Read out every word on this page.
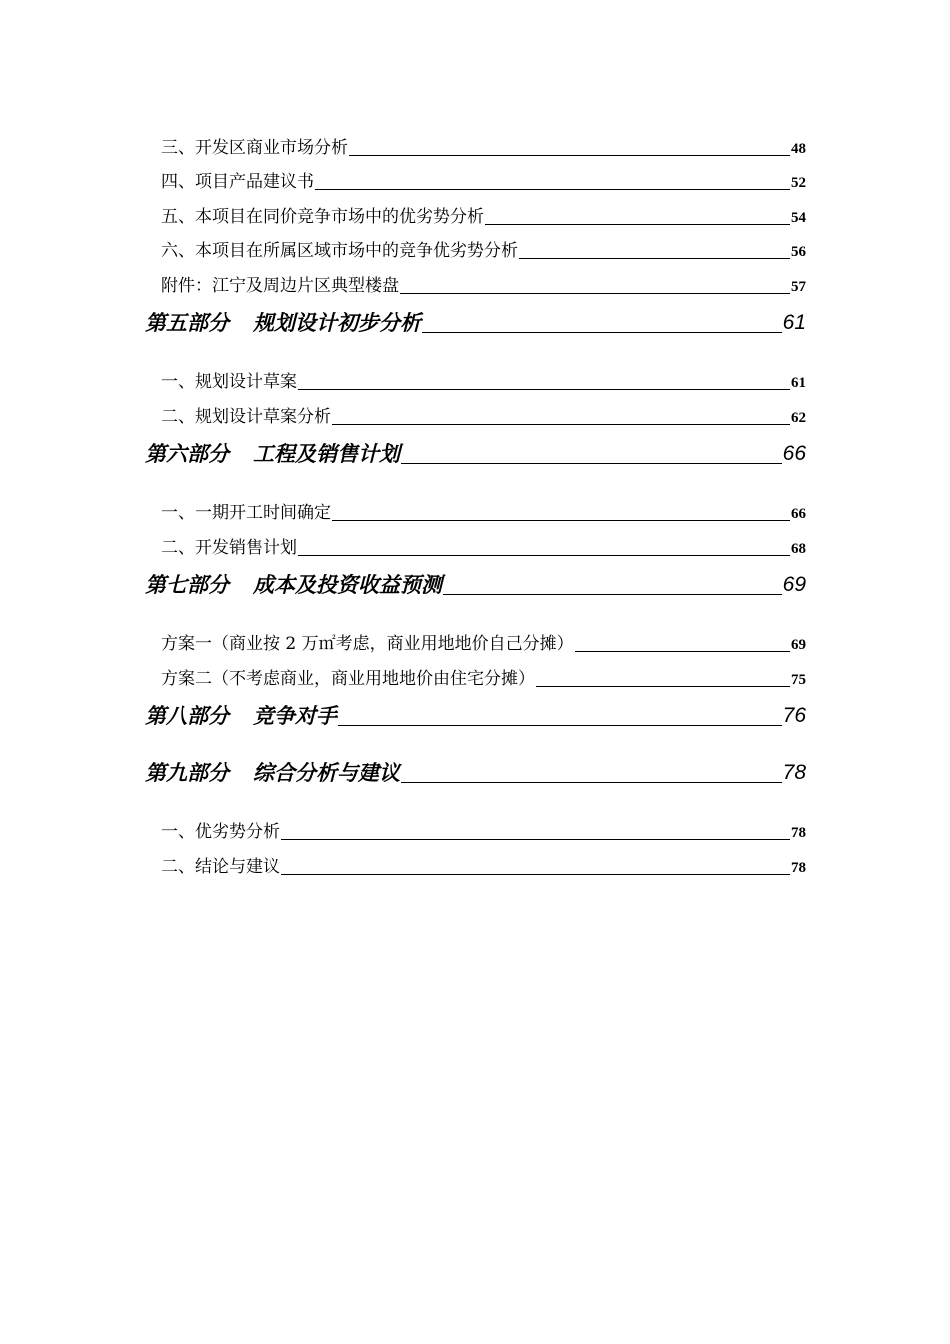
三、开发区商业市场分析	48
四、项目产品建议书	52
五、本项目在同价竞争市场中的优劣势分析	54
六、本项目在所属区域市场中的竞争优劣势分析	56
附件：江宁及周边片区典型楼盘	57
第五部分 规划设计初步分析	61
一、规划设计草案	61
二、规划设计草案分析	62
第六部分 工程及销售计划	66
一、一期开工时间确定	66
二、开发销售计划	68
第七部分 成本及投资收益预测	69
方案一（商业按 2 万㎡考虑，商业用地地价自己分摊）	69
方案二（不考虑商业，商业用地地价由住宅分摊）	75
第八部分 竞争对手	76
第九部分 综合分析与建议	78
一、优劣势分析	78
二、结论与建议	78
